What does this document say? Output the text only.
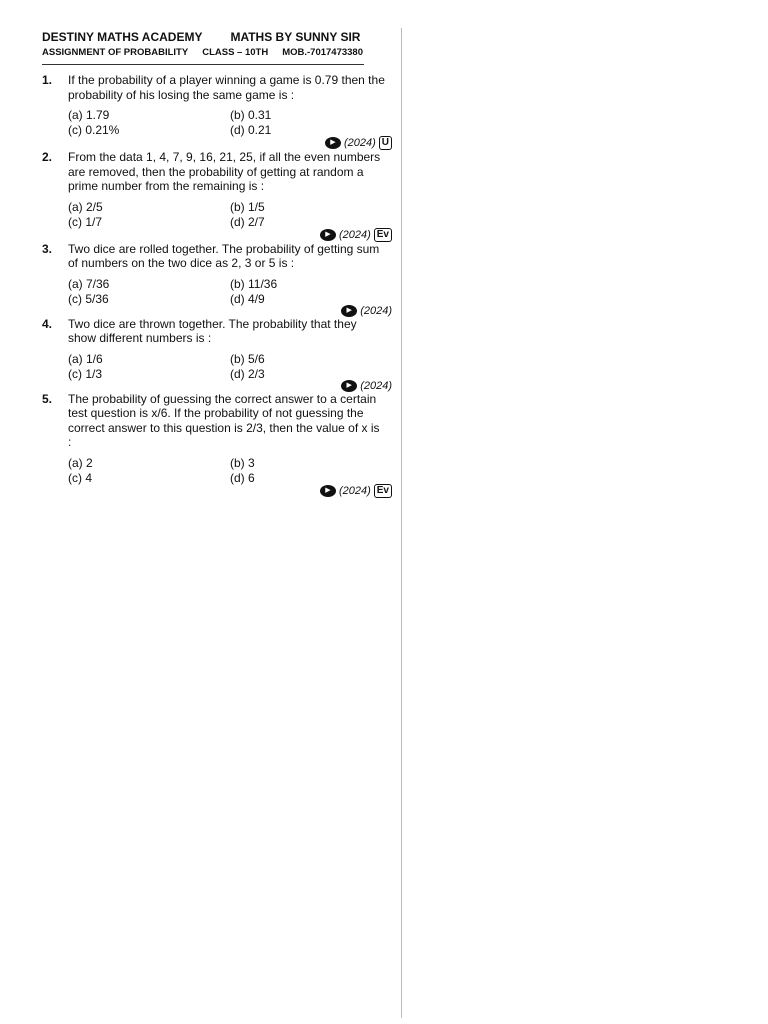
DESTINY MATHS ACADEMY MATHS BY SUNNY SIR
ASSIGNMENT OF PROBABILITY CLASS – 10TH MOB.-7017473380
1. If the probability of a player winning a game is 0.79 then the probability of his losing the same game is :
(a) 1.79	(b) 0.31
(c) 0.21%	(d) 0.21
▶ (2024) U
2. From the data 1, 4, 7, 9, 16, 21, 25, if all the even numbers are removed, then the probability of getting at random a prime number from the remaining is :
(a) 2/5	(b) 1/5
(c) 1/7	(d) 2/7
▶ (2024) Ev
3. Two dice are rolled together. The probability of getting sum of numbers on the two dice as 2, 3 or 5 is :
(a) 7/36	(b) 11/36
(c) 5/36	(d) 4/9
▶ (2024)
4. Two dice are thrown together. The probability that they show different numbers is :
(a) 1/6	(b) 5/6
(c) 1/3	(d) 2/3
▶ (2024)
5. The probability of guessing the correct answer to a certain test question is x/6. If the probability of not guessing the correct answer to this question is 2/3, then the value of x is :
(a) 2	(b) 3
(c) 4	(d) 6
▶ (2024) Ev
